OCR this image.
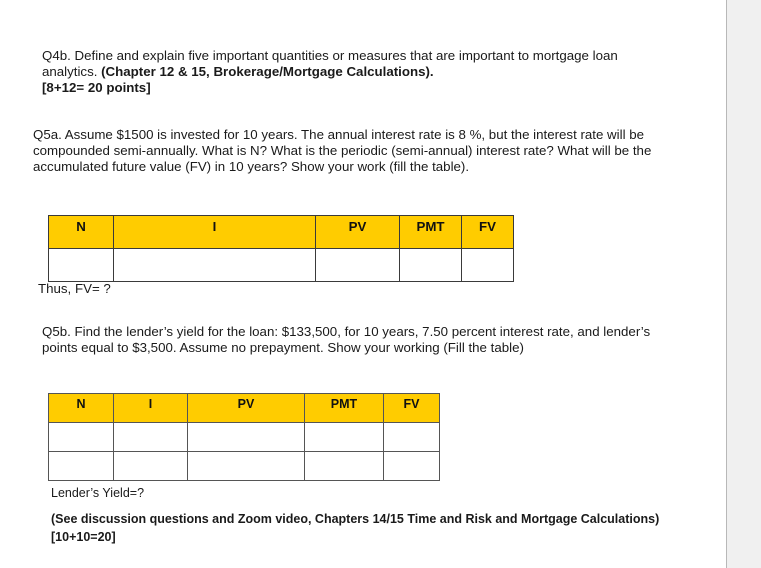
Q4b. Define and explain five important quantities or measures that are important to mortgage loan analytics. (Chapter 12 & 15, Brokerage/Mortgage Calculations).
[8+12= 20 points]

Q5a. Assume $1500 is invested for 10 years. The annual interest rate is 8 %, but the interest rate will be compounded semi-annually. What is N? What is the periodic (semi-annual) interest rate? What will be the accumulated future value (FV) in 10 years? Show your work (fill the table).

N	I	PV	PMT	FV

Thus, FV= ?

Q5b. Find the lender’s yield for the loan: $133,500, for 10 years, 7.50 percent interest rate, and lender’s points equal to $3,500. Assume no prepayment. Show your working (Fill the table)

N	I	PV	PMT	FV

Lender’s Yield=?

(See discussion questions and Zoom video, Chapters 14/15 Time and Risk and Mortgage Calculations) [10+10=20]
